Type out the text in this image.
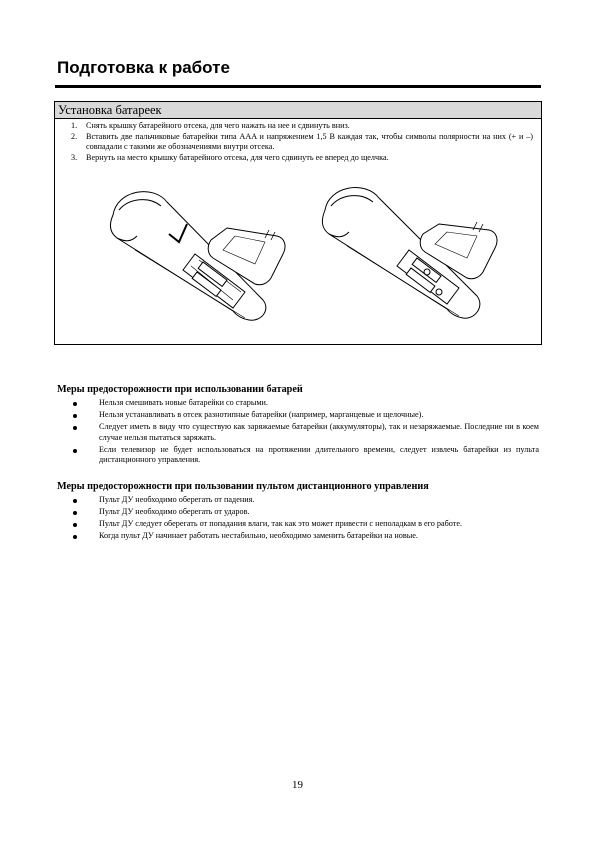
Подготовка к работе
Установка батареек
1. Снять крышку батарейного отсека, для чего нажать на нее и сдвинуть вниз.
2. Вставить две пальчиковые батарейки типа AAA и напряжением 1,5 В каждая так, чтобы символы полярности на них (+ и –) совпадали с такими же обозначениями внутри отсека.
3. Вернуть на место крышку батарейного отсека, для чего сдвинуть ее вперед до щелчка.
Меры предосторожности при использовании батарей
Нельзя смешивать новые батарейки со старыми.
Нельзя устанавливать в отсек разнотипные батарейки (например, марганцевые и щелочные).
Следует иметь в виду что существую как заряжаемые батарейки (аккумуляторы), так и незаряжаемые. Последние ни в коем случае нельзя пытаться заряжать.
Если телевизор не будет использоваться на протяжении длительного времени, следует извлечь батарейки из пульта дистанционного управления.
Меры предосторожности при пользовании пультом дистанционного управления
Пульт ДУ необходимо оберегать от падения.
Пульт ДУ необходимо оберегать от ударов.
Пульт ДУ следует оберегать от попадания влаги, так как это может привести с неполадкам в его работе.
Когда пульт ДУ начинает работать нестабильно, необходимо заменить батарейки на новые.
19
